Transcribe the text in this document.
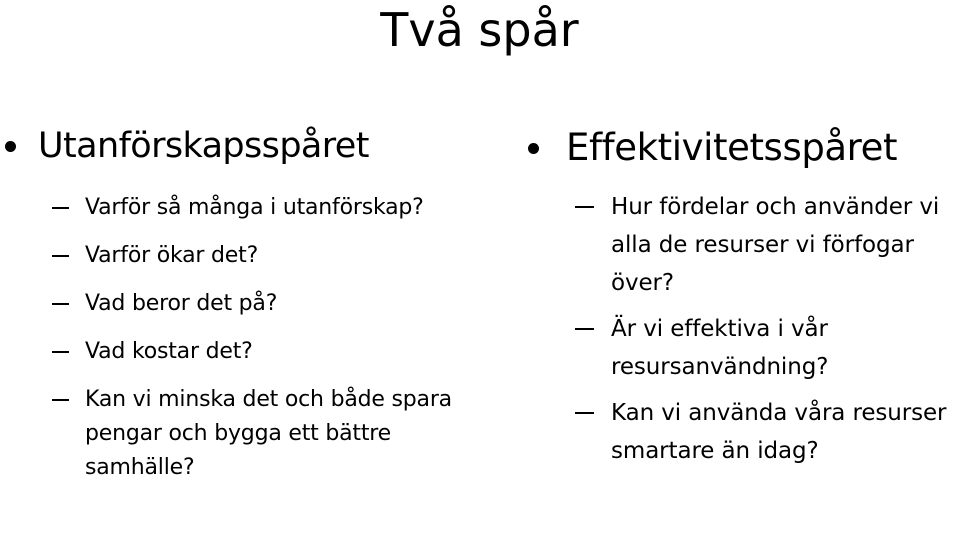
Två spår
Utanförskapsspåret
Varför så många i utanförskap?
Varför ökar det?
Vad beror det på?
Vad kostar det?
Kan vi minska det och både spara pengar och bygga ett bättre samhälle?
Effektivitetsspåret
Hur fördelar och använder vi alla de resurser vi förfogar över?
Är vi effektiva i vår resursanvändning?
Kan vi använda våra resurser smartare än idag?
